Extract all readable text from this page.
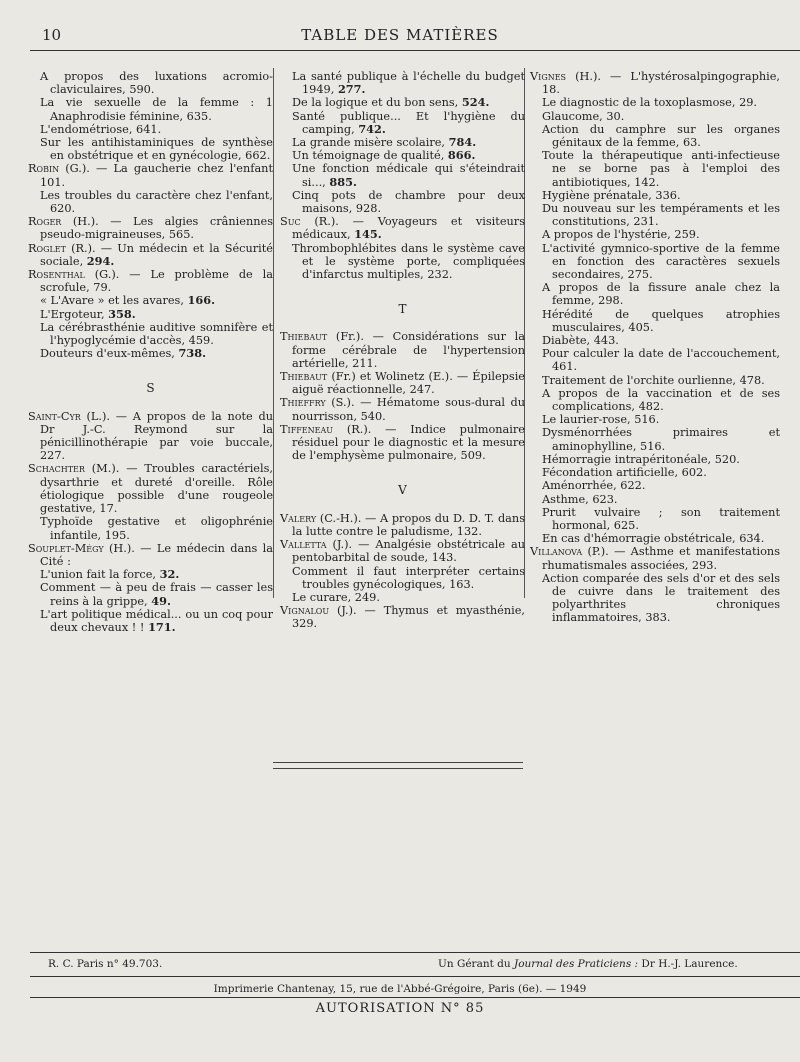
10	TABLE DES MATIÈRES

A propos des luxations acromio-claviculaires, 590.

La vie sexuelle de la femme : 1 Anaphrodisie féminine, 635.

L'endométriose, 641.

Sur les antihistaminiques de synthèse en obstétrique et en gynécologie, 662.

Robin (G.). — La gaucherie chez l'enfant 101.

Les troubles du caractère chez l'enfant, 620.

Roger (H.). — Les algies crâniennes pseudo-migraineuses, 565.

Roglet (R.). — Un médecin et la Sécurité sociale, 294.

Rosenthal (G.). — Le problème de la scrofule, 79.

« L'Avare » et les avares, 166.

L'Ergoteur, 358.

La cérébrasthénie auditive somnifère et l'hypoglycémie d'accès, 459.

Douteurs d'eux-mêmes, 738.

S

Saint-Cyr (L.). — A propos de la note du Dr J.-C. Reymond sur la pénicillinothérapie par voie buccale, 227.

Schachter (M.). — Troubles caractériels, dysarthrie et dureté d'oreille. Rôle étiologique possible d'une rougeole gestative, 17.

Typhoïde gestative et oligophrénie infantile, 195.

Souplet-Mégy (H.). — Le médecin dans la Cité :

L'union fait la force, 32.

Comment — à peu de frais — casser les reins à la grippe, 49.

L'art politique médical... ou un coq pour deux chevaux ! ! 171.

La santé publique à l'échelle du budget 1949, 277.

De la logique et du bon sens, 524.

Santé publique... Et l'hygiène du camping, 742.

La grande misère scolaire, 784.

Un témoignage de qualité, 866.

Une fonction médicale qui s'éteindrait si..., 885.

Cinq pots de chambre pour deux maisons, 928.

Suc (R.). — Voyageurs et visiteurs médicaux, 145.

Thrombophlébites dans le système cave et le système porte, compliquées d'infarctus multiples, 232.

T

Thiebaut (Fr.). — Considérations sur la forme cérébrale de l'hypertension artérielle, 211.

Thiebaut (Fr.) et Wolinetz (E.). — Épilepsie aiguë réactionnelle, 247.

Thieffry (S.). — Hématome sous-dural du nourrisson, 540.

Tiffeneau (R.). — Indice pulmonaire résiduel pour le diagnostic et la mesure de l'emphysème pulmonaire, 509.

V

Valery (C.-H.). — A propos du D. D. T. dans la lutte contre le paludisme, 132.

Valletta (J.). — Analgésie obstétricale au pentobarbital de soude, 143.

Comment il faut interpréter certains troubles gynécologiques, 163.

Le curare, 249.

Vignalou (J.). — Thymus et myasthénie, 329.

Vignes (H.). — L'hystérosalpingographie, 18.

Le diagnostic de la toxoplasmose, 29.

Glaucome, 30.

Action du camphre sur les organes génitaux de la femme, 63.

Toute la thérapeutique anti-infectieuse ne se borne pas à l'emploi des antibiotiques, 142.

Hygiène prénatale, 336.

Du nouveau sur les tempéraments et les constitutions, 231.

A propos de l'hystérie, 259.

L'activité gymnico-sportive de la femme en fonction des caractères sexuels secondaires, 275.

A propos de la fissure anale chez la femme, 298.

Hérédité de quelques atrophies musculaires, 405.

Diabète, 443.

Pour calculer la date de l'accouchement, 461.

Traitement de l'orchite ourlienne, 478.

A propos de la vaccination et de ses complications, 482.

Le laurier-rose, 516.

Dysménorrhées primaires et aminophylline, 516.

Hémorragie intrapéritonéale, 520.

Fécondation artificielle, 602.

Aménorrhée, 622.

Asthme, 623.

Prurit vulvaire ; son traitement hormonal, 625.

En cas d'hémorragie obstétricale, 634.

Villanova (P.). — Asthme et manifestations rhumatismales associées, 293.

Action comparée des sels d'or et des sels de cuivre dans le traitement des polyarthrites chroniques inflammatoires, 383.

R. C. Paris n° 49.703.	Un Gérant du Journal des Praticiens : Dr H.-J. Laurence.
Imprimerie Chantenay, 15, rue de l'Abbé-Grégoire, Paris (6e). — 1949
AUTORISATION N° 85
